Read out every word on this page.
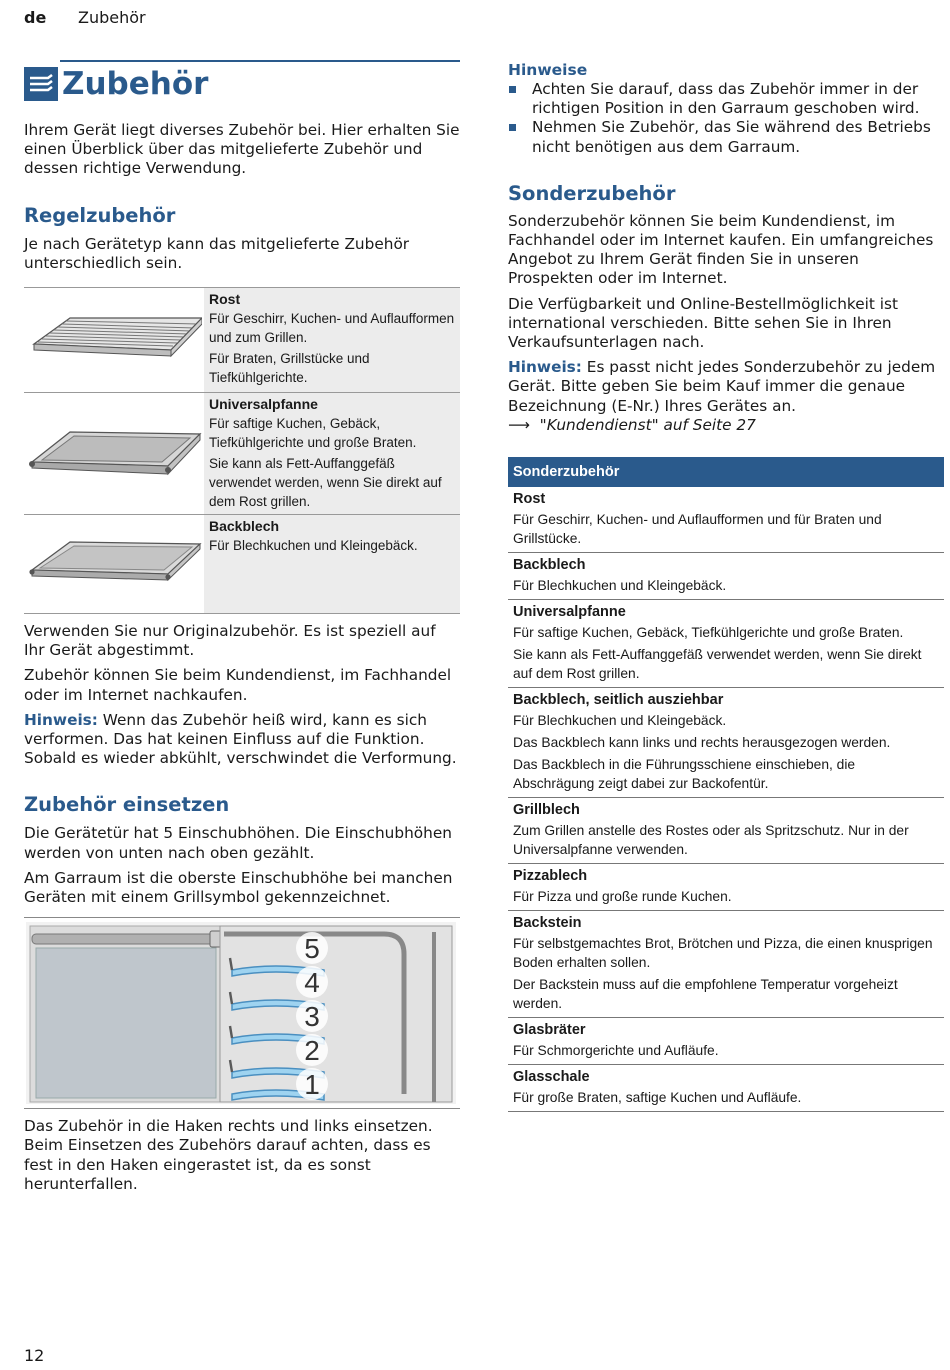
de Zubehör
Zubehör

Ihrem Gerät liegt diverses Zubehör bei. Hier erhalten Sie einen Überblick über das mitgelieferte Zubehör und dessen richtige Verwendung.

Regelzubehör

Je nach Gerätetyp kann das mitgelieferte Zubehör unterschiedlich sein.

Rost
Für Geschirr, Kuchen- und Auflaufformen und zum Grillen.
Für Braten, Grillstücke und Tiefkühlgerichte.
Universalpfanne
Für saftige Kuchen, Gebäck, Tiefkühlgerichte und große Braten.
Sie kann als Fett-Auffanggefäß verwendet werden, wenn Sie direkt auf dem Rost grillen.
Backblech
Für Blechkuchen und Kleingebäck.

Verwenden Sie nur Originalzubehör. Es ist speziell auf Ihr Gerät abgestimmt.

Zubehör können Sie beim Kundendienst, im Fachhandel oder im Internet nachkaufen.

Hinweis: Wenn das Zubehör heiß wird, kann es sich verformen. Das hat keinen Einfluss auf die Funktion. Sobald es wieder abkühlt, verschwindet die Verformung.

Zubehör einsetzen

Die Gerätetür hat 5 Einschubhöhen. Die Einschubhöhen werden von unten nach oben gezählt.

Am Garraum ist die oberste Einschubhöhe bei manchen Geräten mit einem Grillsymbol gekennzeichnet.

5
4
3
2
1

Das Zubehör in die Haken rechts und links einsetzen. Beim Einsetzen des Zubehörs darauf achten, dass es fest in den Haken eingerastet ist, da es sonst herunterfallen.

Hinweise
Achten Sie darauf, dass das Zubehör immer in der richtigen Position in den Garraum geschoben wird.
Nehmen Sie Zubehör, das Sie während des Betriebs nicht benötigen aus dem Garraum.
Sonderzubehör

Sonderzubehör können Sie beim Kundendienst, im Fachhandel oder im Internet kaufen. Ein umfangreiches Angebot zu Ihrem Gerät finden Sie in unseren Prospekten oder im Internet.

Die Verfügbarkeit und Online-Bestellmöglichkeit ist international verschieden. Bitte sehen Sie in Ihren Verkaufsunterlagen nach.

Hinweis: Es passt nicht jedes Sonderzubehör zu jedem Gerät. Bitte geben Sie beim Kauf immer die genaue Bezeichnung (E-Nr.) Ihres Gerätes an.

⟶ "Kundendienst" auf Seite 27

Sonderzubehör
Rost
Für Geschirr, Kuchen- und Auflaufformen und für Braten und Grillstücke.
Backblech
Für Blechkuchen und Kleingebäck.
Universalpfanne
Für saftige Kuchen, Gebäck, Tiefkühlgerichte und große Braten.
Sie kann als Fett-Auffanggefäß verwendet werden, wenn Sie direkt auf dem Rost grillen.
Backblech, seitlich ausziehbar
Für Blechkuchen und Kleingebäck.
Das Backblech kann links und rechts herausgezogen werden.
Das Backblech in die Führungsschiene einschieben, die Abschrägung zeigt dabei zur Backofentür.
Grillblech
Zum Grillen anstelle des Rostes oder als Spritzschutz. Nur in der Universalpfanne verwenden.
Pizzablech
Für Pizza und große runde Kuchen.
Backstein
Für selbstgemachtes Brot, Brötchen und Pizza, die einen knusprigen Boden erhalten sollen.
Der Backstein muss auf die empfohlene Temperatur vorgeheizt werden.
Glasbräter
Für Schmorgerichte und Aufläufe.
Glasschale
Für große Braten, saftige Kuchen und Aufläufe.
12
